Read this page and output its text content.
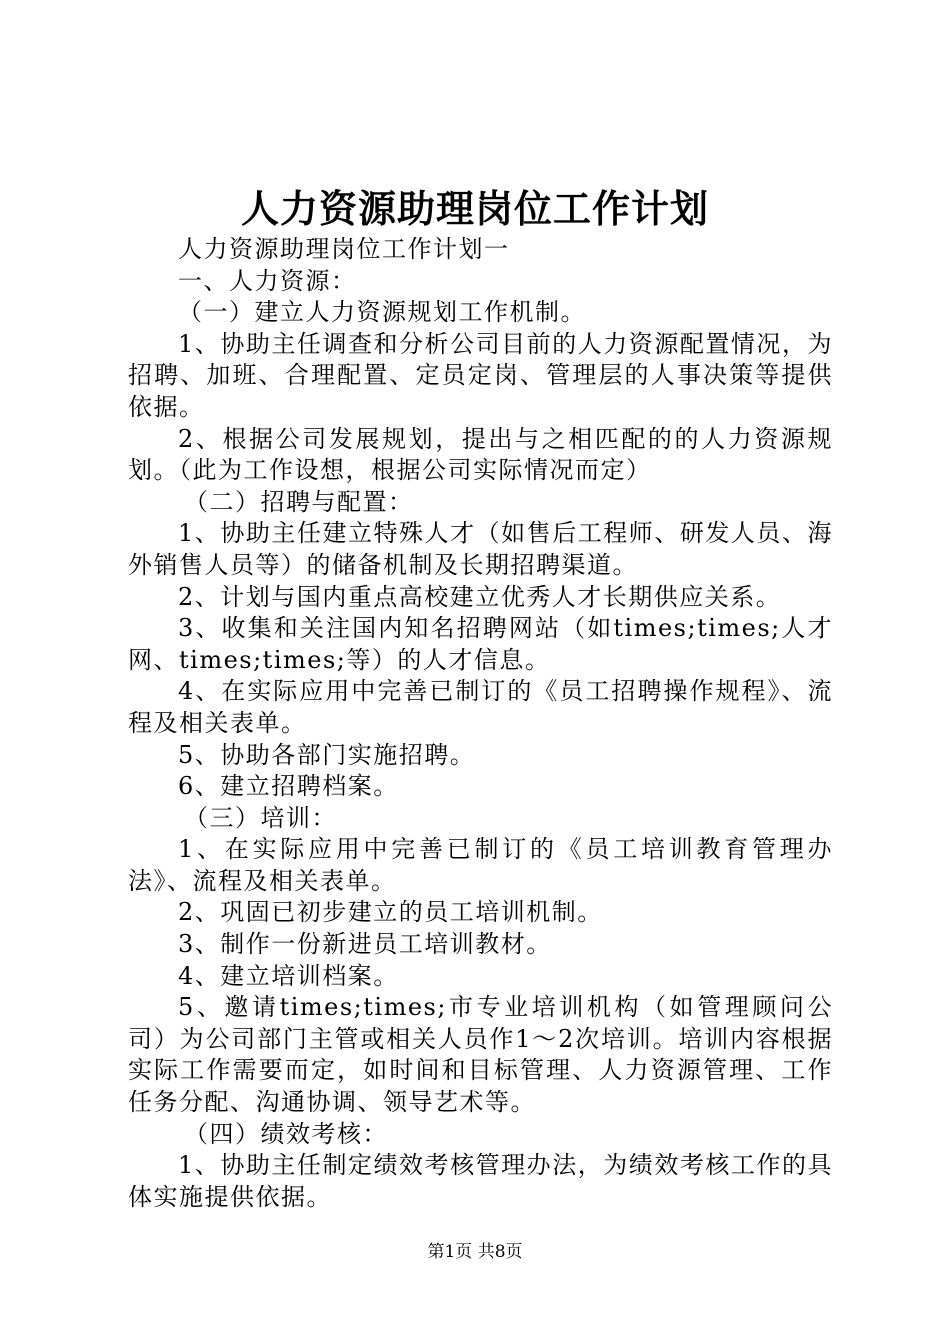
人力资源助理岗位工作计划

人力资源助理岗位工作计划一

一、人力资源：

（一）建立人力资源规划工作机制。

1、协助主任调查和分析公司目前的人力资源配置情况，为招聘、加班、合理配置、定员定岗、管理层的人事决策等提供依据。

2、根据公司发展规划，提出与之相匹配的的人力资源规划。（此为工作设想，根据公司实际情况而定）

（二）招聘与配置：

1、协助主任建立特殊人才（如售后工程师、研发人员、海外销售人员等）的储备机制及长期招聘渠道。

2、计划与国内重点高校建立优秀人才长期供应关系。

3、收集和关注国内知名招聘网站（如times;times;人才网、times;times;等）的人才信息。

4、在实际应用中完善已制订的《员工招聘操作规程》、流程及相关表单。

5、协助各部门实施招聘。

6、建立招聘档案。

（三）培训：

1、在实际应用中完善已制订的《员工培训教育管理办法》、流程及相关表单。

2、巩固已初步建立的员工培训机制。

3、制作一份新进员工培训教材。

4、建立培训档案。

5、邀请times;times;市专业培训机构（如管理顾问公司）为公司部门主管或相关人员作1～2次培训。培训内容根据实际工作需要而定，如时间和目标管理、人力资源管理、工作任务分配、沟通协调、领导艺术等。

（四）绩效考核：

1、协助主任制定绩效考核管理办法，为绩效考核工作的具体实施提供依据。

第1页 共8页
